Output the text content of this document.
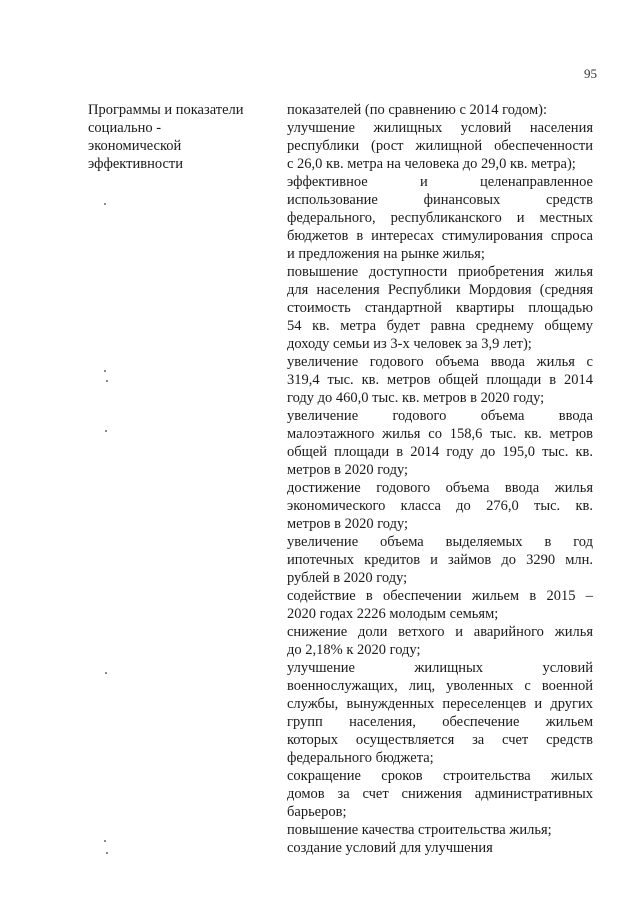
95
Программы и показатели
социально -
экономической
эффективности
показателей (по сравнению с 2014 годом):
улучшение жилищных условий населения
республики (рост жилищной обеспеченности
с 26,0 кв. метра на человека до 29,0 кв. метра);
эффективное и целенаправленное
использование финансовых средств
федерального, республиканского и местных
бюджетов в интересах стимулирования спроса
и предложения на рынке жилья;
повышение доступности приобретения жилья
для населения Республики Мордовия (средняя
стоимость стандартной квартиры площадью
54 кв. метра будет равна среднему общему
доходу семьи из 3-х человек за 3,9 лет);
увеличение годового объема ввода жилья с
319,4 тыс. кв. метров общей площади в 2014
году до 460,0 тыс. кв. метров в 2020 году;
увеличение годового объема ввода
малоэтажного жилья со 158,6 тыс. кв. метров
общей площади в 2014 году до 195,0 тыс. кв.
метров в 2020 году;
достижение годового объема ввода жилья
экономического класса до 276,0 тыс. кв.
метров в 2020 году;
увеличение объема выделяемых в год
ипотечных кредитов и займов до 3290 млн.
рублей в 2020 году;
содействие в обеспечении жильем в 2015 –
2020 годах 2226 молодым семьям;
снижение доли ветхого и аварийного жилья
до 2,18% к 2020 году;
улучшение жилищных условий
военнослужащих, лиц, уволенных с военной
службы, вынужденных переселенцев и других
групп населения, обеспечение жильем
которых осуществляется за счет средств
федерального бюджета;
сокращение сроков строительства жилых
домов за счет снижения административных
барьеров;
повышение качества строительства жилья;
создание условий для улучшения
